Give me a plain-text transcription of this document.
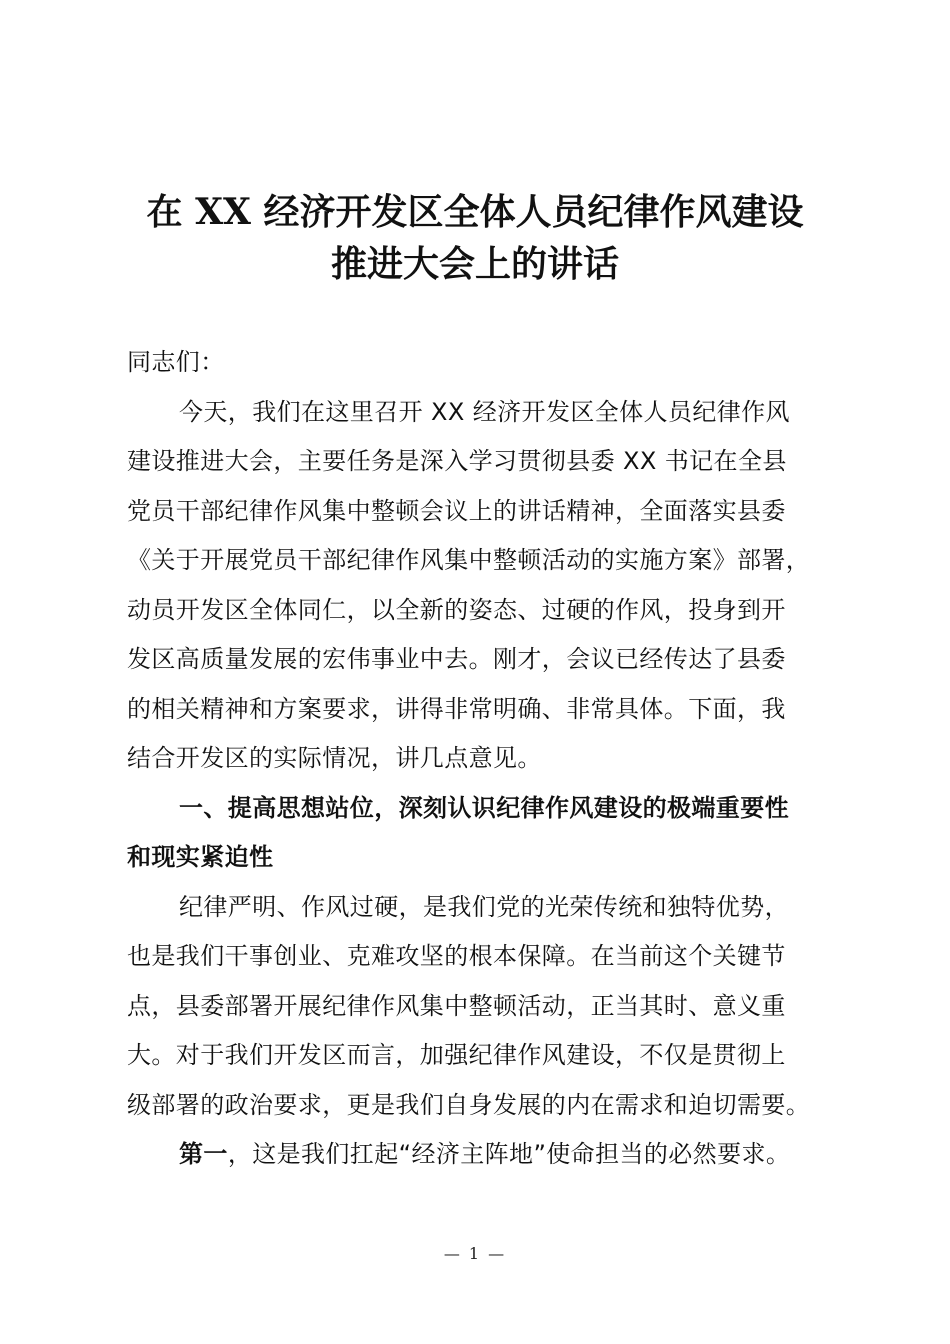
在 XX 经济开发区全体人员纪律作风建设
推进大会上的讲话
同志们：
今天，我们在这里召开 XX 经济开发区全体人员纪律作风
建设推进大会，主要任务是深入学习贯彻县委 XX 书记在全县
党员干部纪律作风集中整顿会议上的讲话精神，全面落实县委
《关于开展党员干部纪律作风集中整顿活动的实施方案》部署，
动员开发区全体同仁，以全新的姿态、过硬的作风，投身到开
发区高质量发展的宏伟事业中去。刚才，会议已经传达了县委
的相关精神和方案要求，讲得非常明确、非常具体。下面，我
结合开发区的实际情况，讲几点意见。
一、提高思想站位，深刻认识纪律作风建设的极端重要性
和现实紧迫性
纪律严明、作风过硬，是我们党的光荣传统和独特优势，
也是我们干事创业、克难攻坚的根本保障。在当前这个关键节
点，县委部署开展纪律作风集中整顿活动，正当其时、意义重
大。对于我们开发区而言，加强纪律作风建设，不仅是贯彻上
级部署的政治要求，更是我们自身发展的内在需求和迫切需要。
第一，这是我们扛起“经济主阵地”使命担当的必然要求。
— 1 —
